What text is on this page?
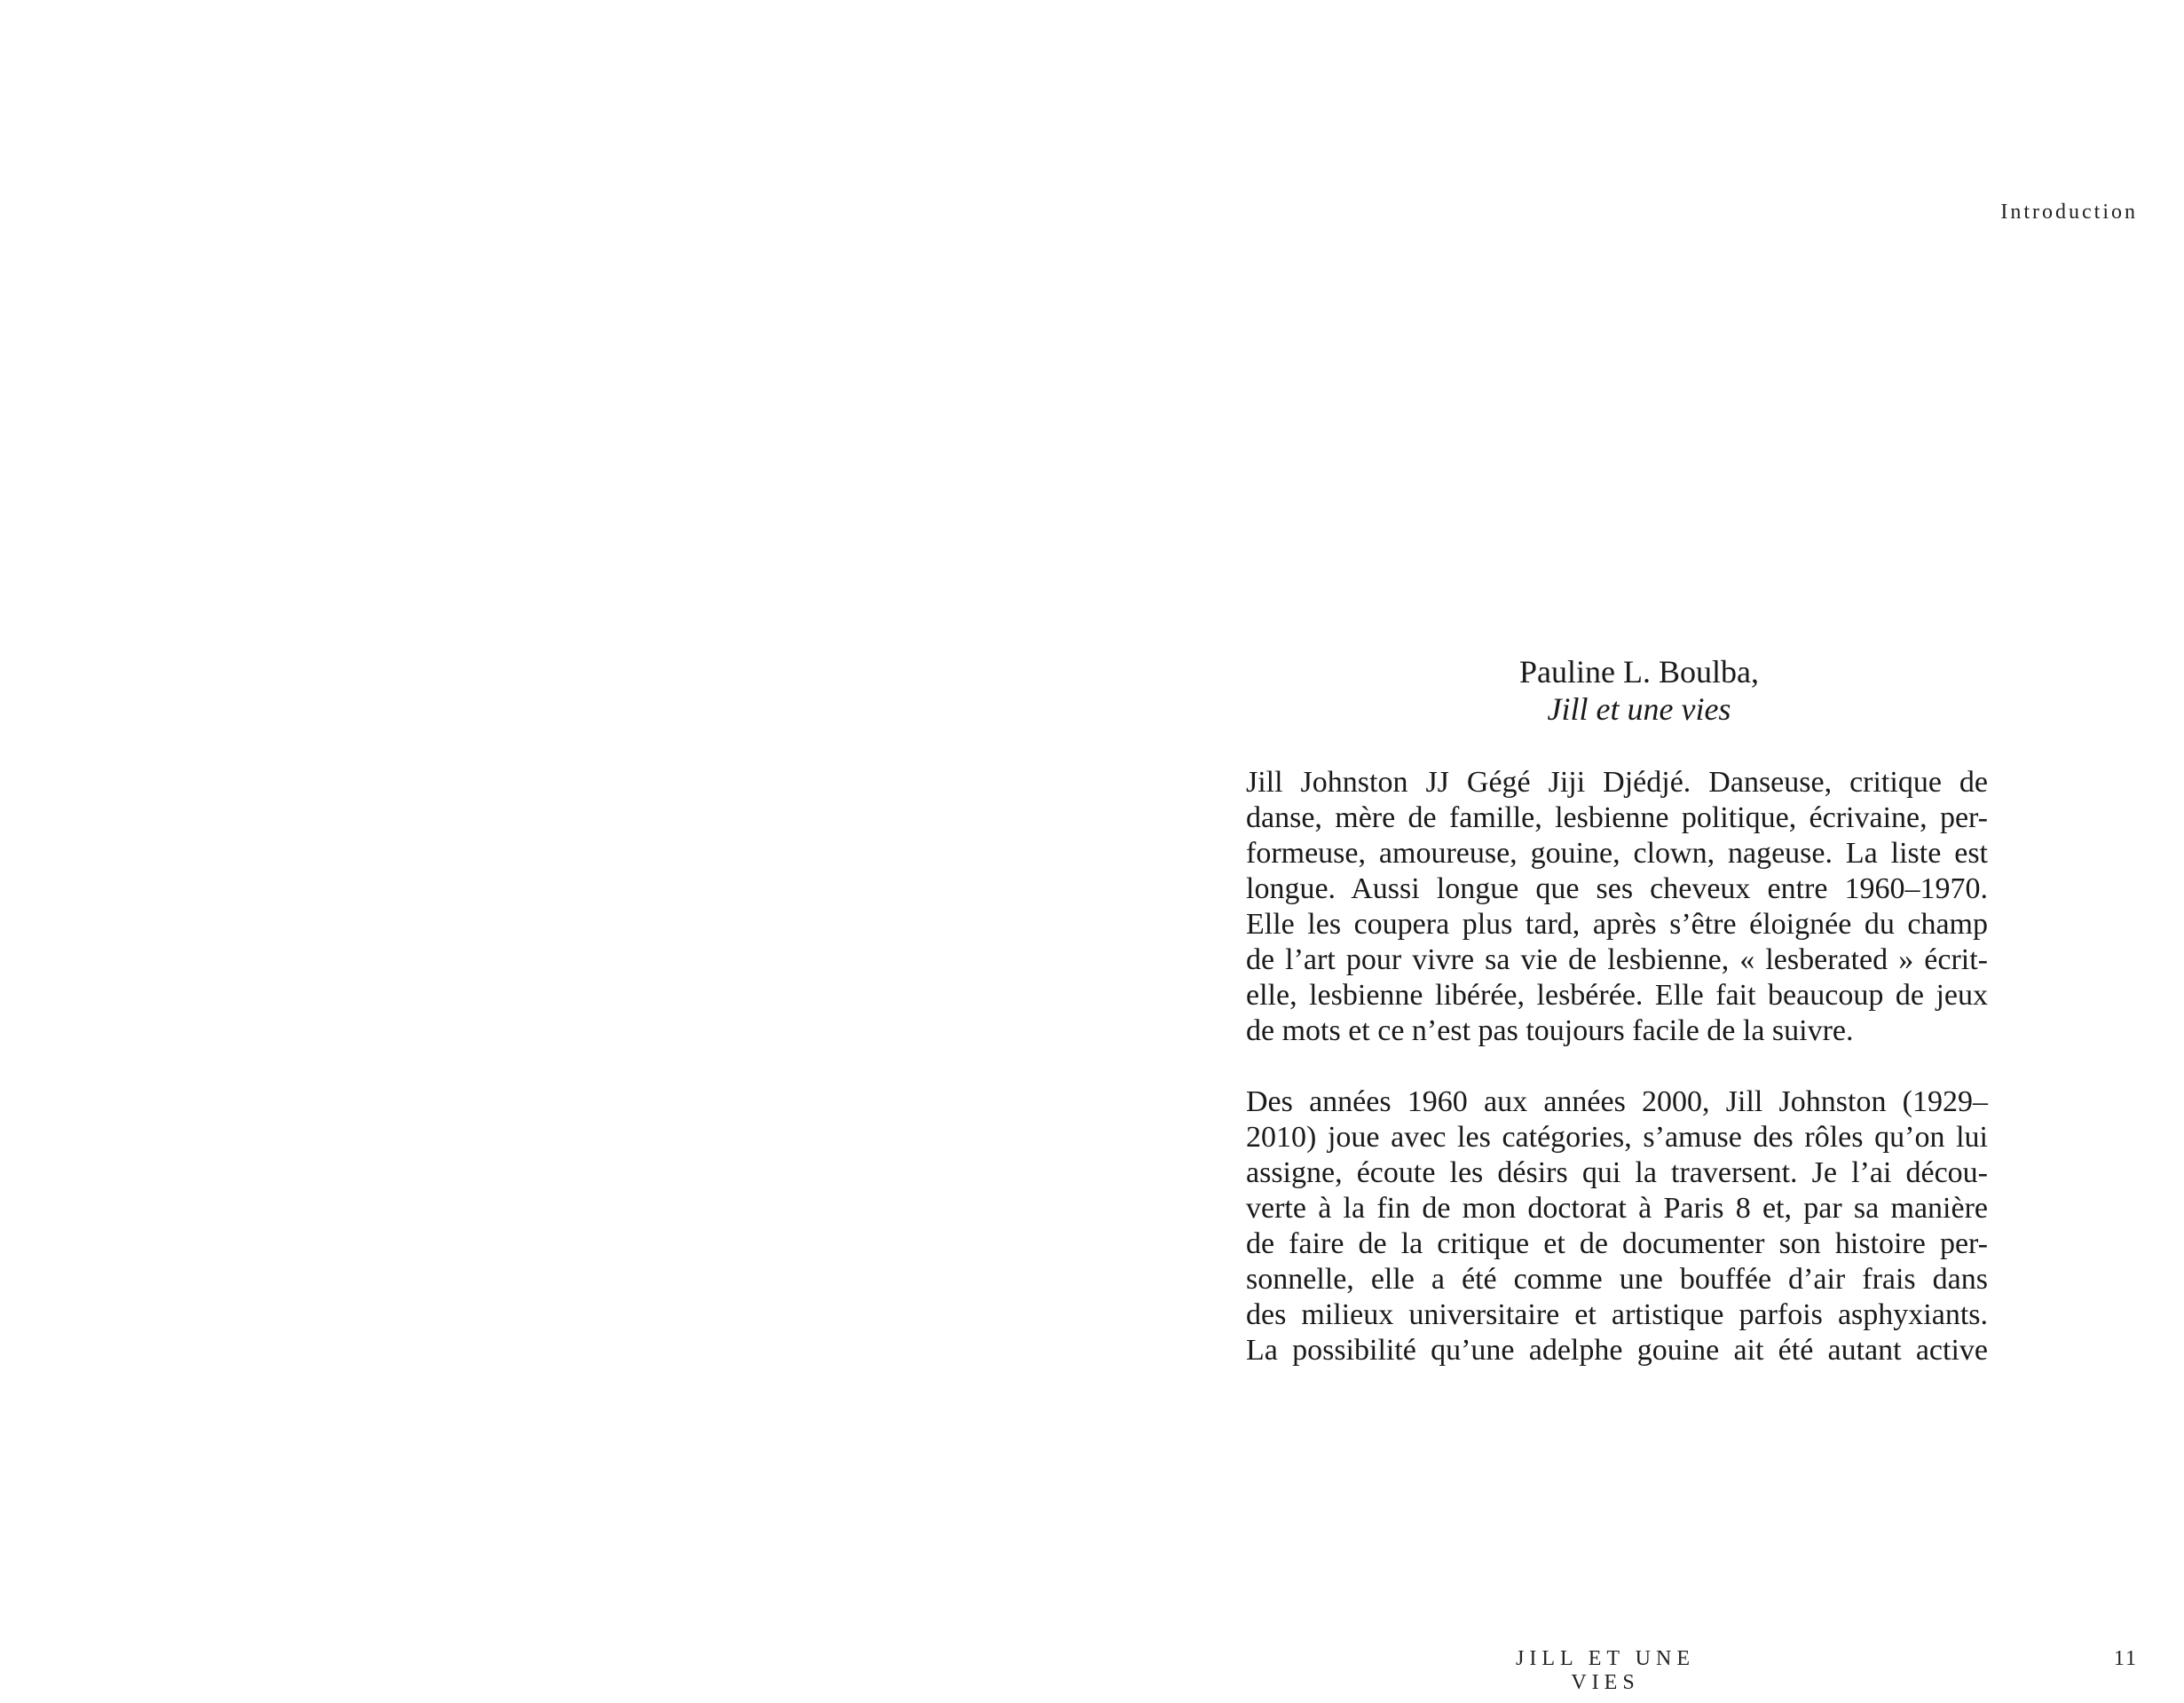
Introduction
Pauline L. Boulba,
Jill et une vies
Jill Johnston JJ Gégé Jiji Djédjé. Danseuse, critique de
danse, mère de famille, lesbienne politique, écrivaine, per-
formeuse, amoureuse, gouine, clown, nageuse. La liste est
longue. Aussi longue que ses cheveux entre 1960–1970.
Elle les coupera plus tard, après s’être éloignée du champ
de l’art pour vivre sa vie de lesbienne, « lesberated » écrit-
elle, lesbienne libérée, lesbérée. Elle fait beaucoup de jeux
de mots et ce n’est pas toujours facile de la suivre.
Des années 1960 aux années 2000, Jill Johnston (1929–
2010) joue avec les catégories, s’amuse des rôles qu’on lui
assigne, écoute les désirs qui la traversent. Je l’ai décou-
verte à la fin de mon doctorat à Paris 8 et, par sa manière
de faire de la critique et de documenter son histoire per-
sonnelle, elle a été comme une bouffée d’air frais dans
des milieux universitaire et artistique parfois asphyxiants.
La possibilité qu’une adelphe gouine ait été autant active
JILL ET UNE VIES
11
